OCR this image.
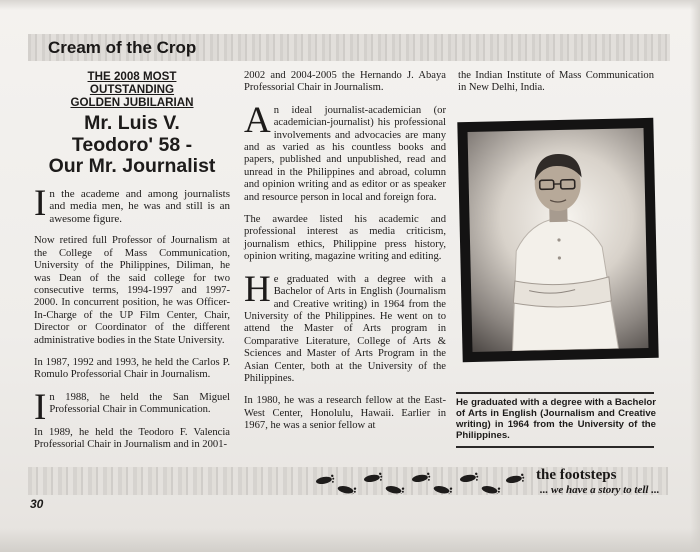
Cream of the Crop
THE 2008 MOST
OUTSTANDING
GOLDEN JUBILARIAN
Mr. Luis V.
Teodoro' 58 -
Our Mr. Journalist

In the academe and among journalists and media men, he was and still is an awesome figure.

Now retired full Professor of Journalism at the College of Mass Communication, University of the Philippines, Diliman, he was Dean of the said college for two consecutive terms, 1994-1997 and 1997-2000. In concurrent position, he was Officer-In-Charge of the UP Film Center, Chair, Director or Coordinator of the different administrative bodies in the State University.

In 1987, 1992 and 1993, he held the Carlos P. Romulo Professorial Chair in Journalism.

In 1988, he held the San Miguel Professorial Chair in Communication.

In 1989, he held the Teodoro F. Valencia Professorial Chair in Journalism and in 2001-

2002 and 2004-2005 the Hernando J. Abaya Professorial Chair in Journalism.

An ideal journalist-academician (or academician-journalist) his professional involvements and advocacies are many and as varied as his countless books and papers, published and unpublished, read and unread in the Philippines and abroad, column and opinion writing and as editor or as speaker and resource person in local and foreign fora.

The awardee listed his academic and professional interest as media criticism, journalism ethics, Philippine press history, opinion writing, magazine writing and editing.

He graduated with a degree with a Bachelor of Arts in English (Journalism and Creative writing) in 1964 from the University of the Philippines. He went on to attend the Master of Arts program in Comparative Literature, College of Arts & Sciences and Master of Arts Program in the Asian Center, both at the University of the Philippines.

In 1980, he was a research fellow at the East-West Center, Honolulu, Hawaii. Earlier in 1967, he was a senior fellow at

the Indian Institute of Mass Communication in New Delhi, India.

He graduated with a degree with a Bachelor of Arts in English (Journalism and Creative writing) in 1964 from the University of the Philippines.
the footsteps
... we have a story to tell ...
30
